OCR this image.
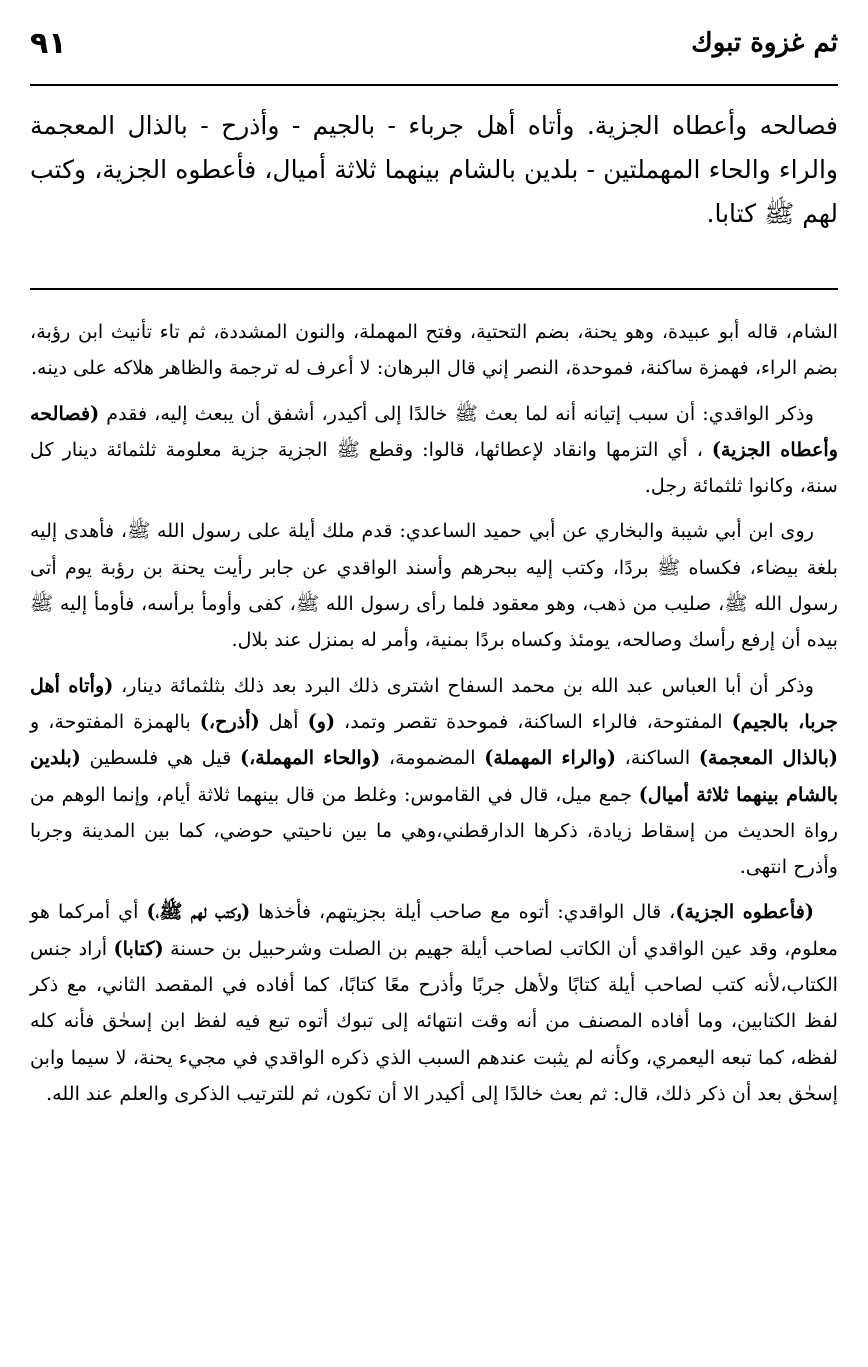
٩١	ثم غزوة تبوك
فصالحه وأعطاه الجزية. وأتاه أهل جرباء - بالجيم - وأذرح - بالذال المعجمة والراء والحاء المهملتين - بلدين بالشام بينهما ثلاثة أميال، فأعطوه الجزية، وكتب لهم ﷺ كتابا.

الشام، قاله أبو عبيدة، وهو يحنة، بضم التحتية، وفتح المهملة، والنون المشددة، ثم تاء تأنيث ابن رؤبة، بضم الراء، فهمزة ساكنة، فموحدة، النصر إني قال البرهان: لا أعرف له ترجمة والظاهر هلاكه على دينه.

وذكر الواقدي: أن سبب إتيانه أنه لما بعث ﷺ خالدًا إلى أكيدر، أشفق أن يبعث إليه، فقدم (فصالحه وأعطاه الجزية) ، أي التزمها وانقاد لإعطائها، قالوا: وقطع ﷺ الجزية جزية معلومة ثلثمائة دينار كل سنة، وكانوا ثلثمائة رجل.

روى ابن أبي شيبة والبخاري عن أبي حميد الساعدي: قدم ملك أيلة على رسول الله ﷺ، فأهدى إليه بلغة بيضاء، فكساه ﷺ بردًا، وكتب إليه ببحرهم وأسند الواقدي عن جابر رأيت يحنة بن رؤبة يوم أتى رسول الله ﷺ، صليب من ذهب، وهو معقود فلما رأى رسول الله ﷺ، كفى وأومأ برأسه، فأومأ إليه ﷺ بيده أن إرفع رأسك وصالحه، يومئذ وكساه بردًا بمنية، وأمر له بمنزل عند بلال.

وذكر أن أبا العباس عبد الله بن محمد السفاح اشترى ذلك البرد بعد ذلك بثلثمائة دينار، (وأتاه أهل جربا، بالجيم) المفتوحة، فالراء الساكنة، فموحدة تقصر وتمد، (و) أهل (أذرح،) بالهمزة المفتوحة، و (بالذال المعجمة) الساكنة، (والراء المهملة) المضمومة، (والحاء المهملة،) قيل هي فلسطين (بلدين بالشام بينهما ثلاثة أميال) جمع ميل، قال في القاموس: وغلط من قال بينهما ثلاثة أيام، وإنما الوهم من رواة الحديث من إسقاط زيادة، ذكرها الدارقطني،وهي ما بين ناحيتي حوضي، كما بين المدينة وجربا وأذرح انتهى.

(فأعطوه الجزية)، قال الواقدي: أتوه مع صاحب أيلة بجزيتهم، فأخذها (وكتب لهم ﷺ،) أي أمركما هو معلوم، وقد عين الواقدي أن الكاتب لصاحب أيلة جهيم بن الصلت وشرحبيل بن حسنة (كتابا) أراد جنس الكتاب،لأنه كتب لصاحب أيلة كتابًا ولأهل جربًا وأذرح معًا كتابًا، كما أفاده في المقصد الثاني، مع ذكر لفظ الكتابين، وما أفاده المصنف من أنه وقت انتهائه إلى تبوك أتوه تبع فيه لفظ ابن إسحٰق فأنه كله لفظه، كما تبعه اليعمري، وكأنه لم يثبت عندهم السبب الذي ذكره الواقدي في مجيء يحنة، لا سيما وابن إسحٰق بعد أن ذكر ذلك، قال: ثم بعث خالدًا إلى أكيدر الا أن تكون، ثم للترتيب الذكرى والعلم عند الله.
